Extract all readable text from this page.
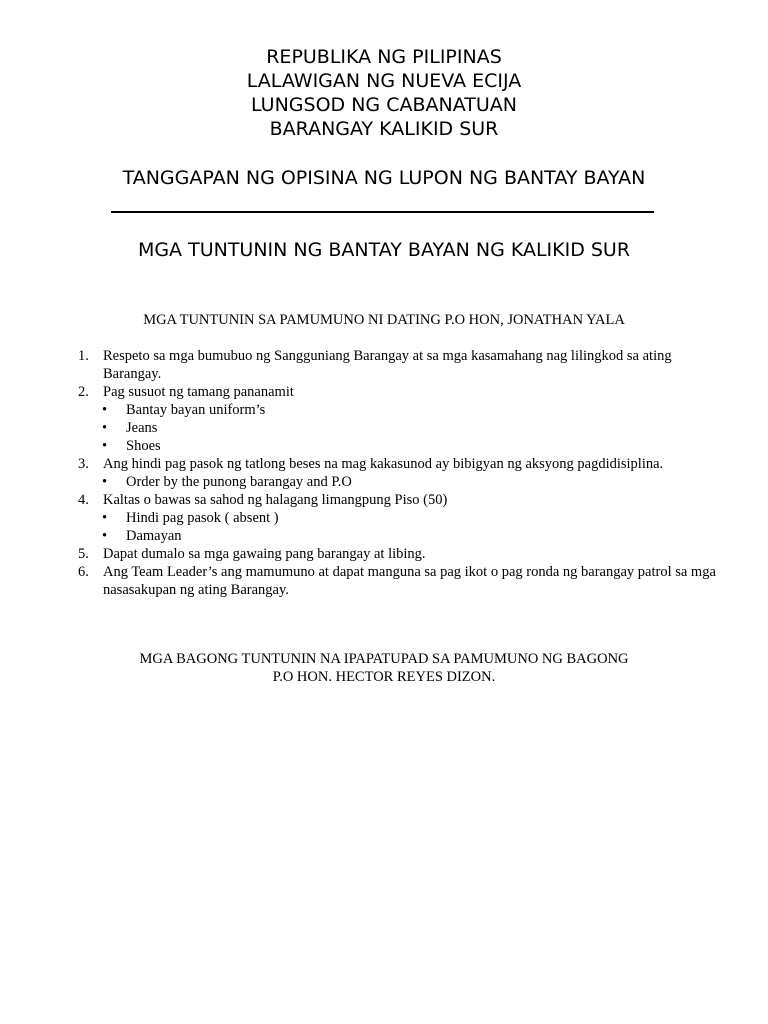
REPUBLIKA NG PILIPINAS

LALAWIGAN NG NUEVA ECIJA

LUNGSOD NG CABANATUAN

BARANGAY KALIKID SUR

TANGGAPAN NG OPISINA NG LUPON NG BANTAY BAYAN

MGA TUNTUNIN NG BANTAY BAYAN NG KALIKID SUR

MGA TUNTUNIN SA PAMUMUNO NI DATING P.O HON, JONATHAN YALA

1. Respeto sa mga bumubuo ng Sangguniang Barangay at sa mga kasamahang nag lilingkod sa ating Barangay.
2. Pag susuot ng tamang pananamit
• Bantay bayan uniform’s
• Jeans
• Shoes
3. Ang hindi pag pasok ng tatlong beses na mag kakasunod ay bibigyan ng aksyong pagdidisiplina.
• Order by the punong barangay and P.O
4. Kaltas o bawas sa sahod ng halagang limangpung Piso (50)
• Hindi pag pasok ( absent )
• Damayan
5. Dapat dumalo sa mga gawaing pang barangay at libing.
6. Ang Team Leader’s ang mamumuno at dapat manguna sa pag ikot o pag ronda ng barangay patrol sa mga nasasakupan ng ating Barangay.
MGA BAGONG TUNTUNIN NA IPAPATUPAD SA PAMUMUNO NG BAGONG
P.O HON. HECTOR REYES DIZON.
